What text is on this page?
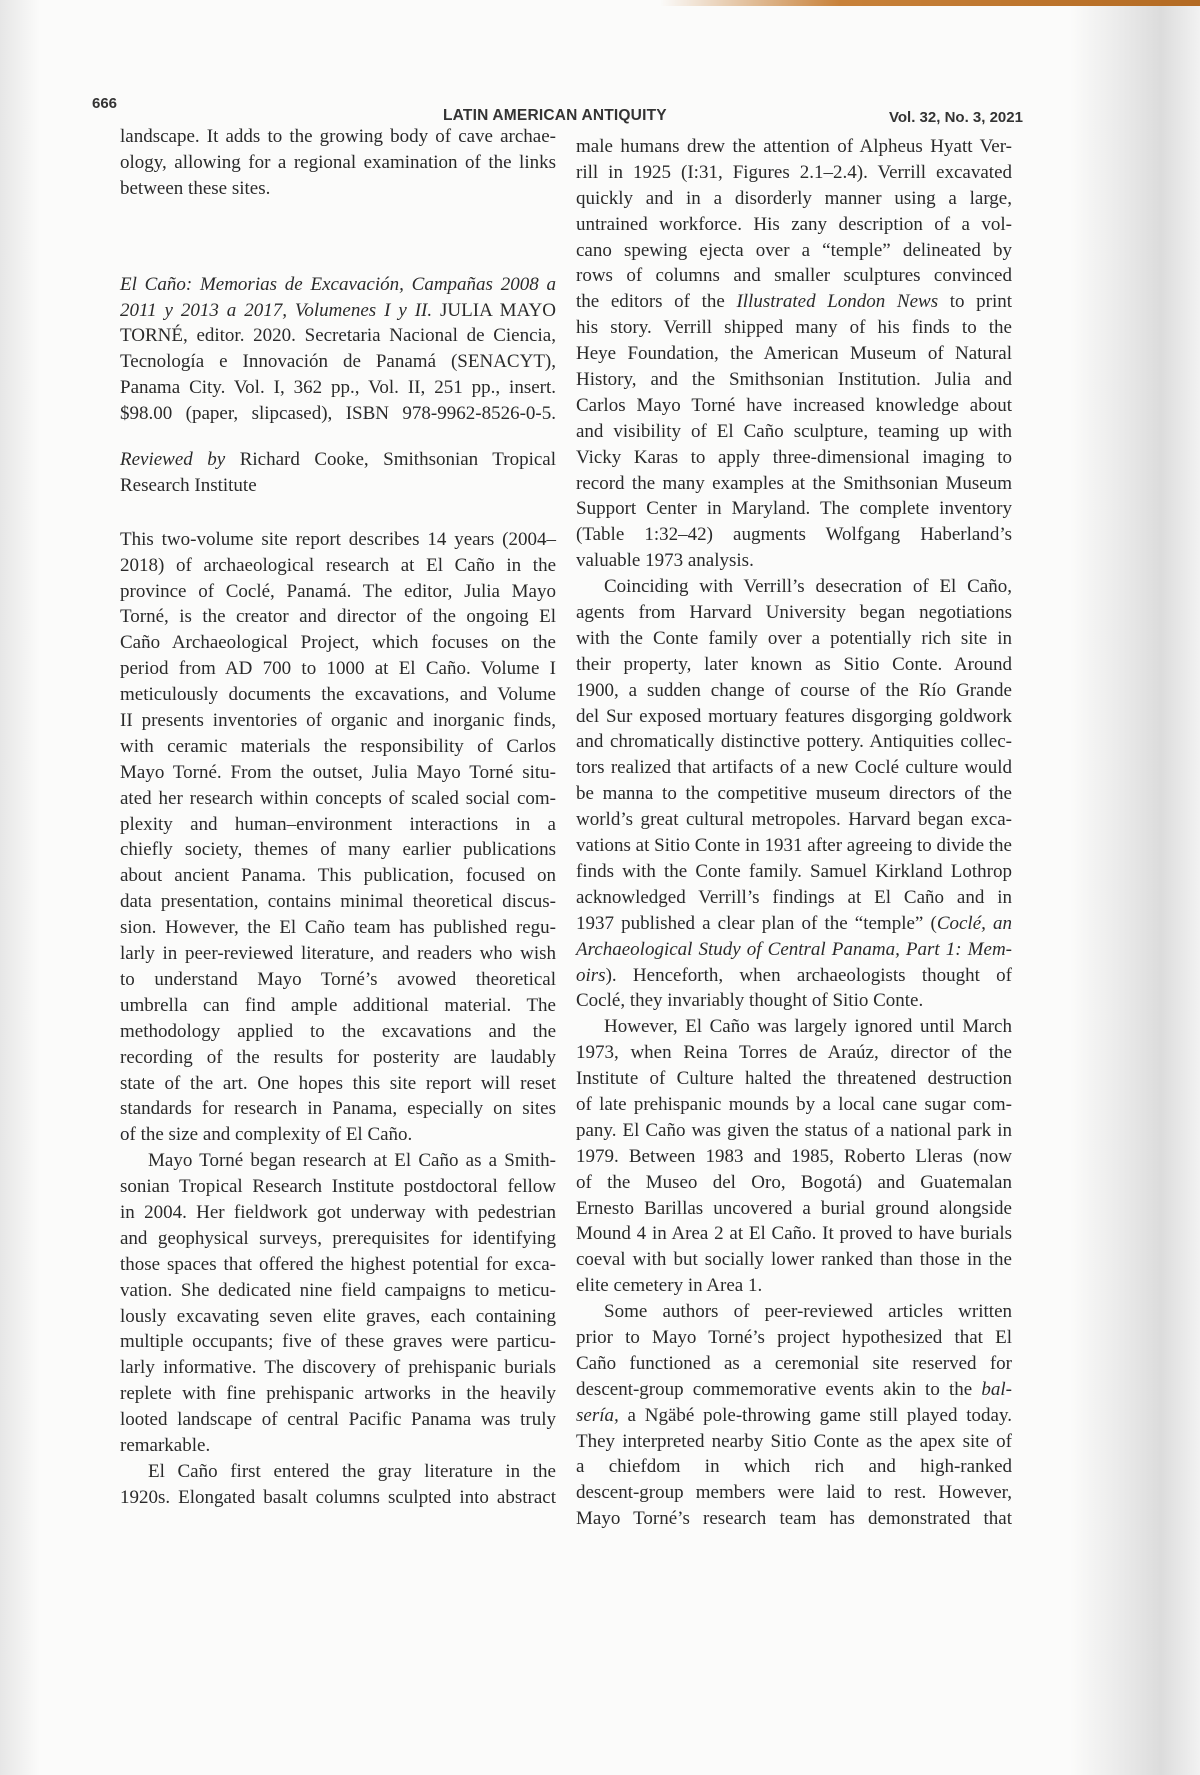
666
LATIN AMERICAN ANTIQUITY	Vol. 32, No. 3, 2021
landscape. It adds to the growing body of cave archae-
ology, allowing for a regional examination of the links
between these sites.
El Caño: Memorias de Excavación, Campañas 2008 a
2011 y 2013 a 2017, Volumenes I y II. JULIA MAYO
TORNÉ, editor. 2020. Secretaria Nacional de Ciencia,
Tecnología e Innovación de Panamá (SENACYT),
Panama City. Vol. I, 362 pp., Vol. II, 251 pp., insert.
$98.00 (paper, slipcased), ISBN 978-9962-8526-0-5.
Reviewed by Richard Cooke, Smithsonian Tropical
Research Institute
This two-volume site report describes 14 years (2004–
2018) of archaeological research at El Caño in the
province of Coclé, Panamá. The editor, Julia Mayo
Torné, is the creator and director of the ongoing El
Caño Archaeological Project, which focuses on the
period from AD 700 to 1000 at El Caño. Volume I
meticulously documents the excavations, and Volume
II presents inventories of organic and inorganic finds,
with ceramic materials the responsibility of Carlos
Mayo Torné. From the outset, Julia Mayo Torné situ-
ated her research within concepts of scaled social com-
plexity and human–environment interactions in a
chiefly society, themes of many earlier publications
about ancient Panama. This publication, focused on
data presentation, contains minimal theoretical discus-
sion. However, the El Caño team has published regu-
larly in peer-reviewed literature, and readers who wish
to understand Mayo Torné’s avowed theoretical
umbrella can find ample additional material. The
methodology applied to the excavations and the
recording of the results for posterity are laudably
state of the art. One hopes this site report will reset
standards for research in Panama, especially on sites
of the size and complexity of El Caño.
Mayo Torné began research at El Caño as a Smith-
sonian Tropical Research Institute postdoctoral fellow
in 2004. Her fieldwork got underway with pedestrian
and geophysical surveys, prerequisites for identifying
those spaces that offered the highest potential for exca-
vation. She dedicated nine field campaigns to meticu-
lously excavating seven elite graves, each containing
multiple occupants; five of these graves were particu-
larly informative. The discovery of prehispanic burials
replete with fine prehispanic artworks in the heavily
looted landscape of central Pacific Panama was truly
remarkable.
El Caño first entered the gray literature in the
1920s. Elongated basalt columns sculpted into abstract
male humans drew the attention of Alpheus Hyatt Ver-
rill in 1925 (I:31, Figures 2.1–2.4). Verrill excavated
quickly and in a disorderly manner using a large,
untrained workforce. His zany description of a vol-
cano spewing ejecta over a “temple” delineated by
rows of columns and smaller sculptures convinced
the editors of the Illustrated London News to print
his story. Verrill shipped many of his finds to the
Heye Foundation, the American Museum of Natural
History, and the Smithsonian Institution. Julia and
Carlos Mayo Torné have increased knowledge about
and visibility of El Caño sculpture, teaming up with
Vicky Karas to apply three-dimensional imaging to
record the many examples at the Smithsonian Museum
Support Center in Maryland. The complete inventory
(Table 1:32–42) augments Wolfgang Haberland’s
valuable 1973 analysis.
Coinciding with Verrill’s desecration of El Caño,
agents from Harvard University began negotiations
with the Conte family over a potentially rich site in
their property, later known as Sitio Conte. Around
1900, a sudden change of course of the Río Grande
del Sur exposed mortuary features disgorging goldwork
and chromatically distinctive pottery. Antiquities collec-
tors realized that artifacts of a new Coclé culture would
be manna to the competitive museum directors of the
world’s great cultural metropoles. Harvard began exca-
vations at Sitio Conte in 1931 after agreeing to divide the
finds with the Conte family. Samuel Kirkland Lothrop
acknowledged Verrill’s findings at El Caño and in
1937 published a clear plan of the “temple” (Coclé, an
Archaeological Study of Central Panama, Part 1: Mem-
oirs). Henceforth, when archaeologists thought of
Coclé, they invariably thought of Sitio Conte.
However, El Caño was largely ignored until March
1973, when Reina Torres de Araúz, director of the
Institute of Culture halted the threatened destruction
of late prehispanic mounds by a local cane sugar com-
pany. El Caño was given the status of a national park in
1979. Between 1983 and 1985, Roberto Lleras (now
of the Museo del Oro, Bogotá) and Guatemalan
Ernesto Barillas uncovered a burial ground alongside
Mound 4 in Area 2 at El Caño. It proved to have burials
coeval with but socially lower ranked than those in the
elite cemetery in Area 1.
Some authors of peer-reviewed articles written
prior to Mayo Torné’s project hypothesized that El
Caño functioned as a ceremonial site reserved for
descent-group commemorative events akin to the bal-
sería, a Ngäbé pole-throwing game still played today.
They interpreted nearby Sitio Conte as the apex site of
a chiefdom in which rich and high-ranked
descent-group members were laid to rest. However,
Mayo Torné’s research team has demonstrated that
